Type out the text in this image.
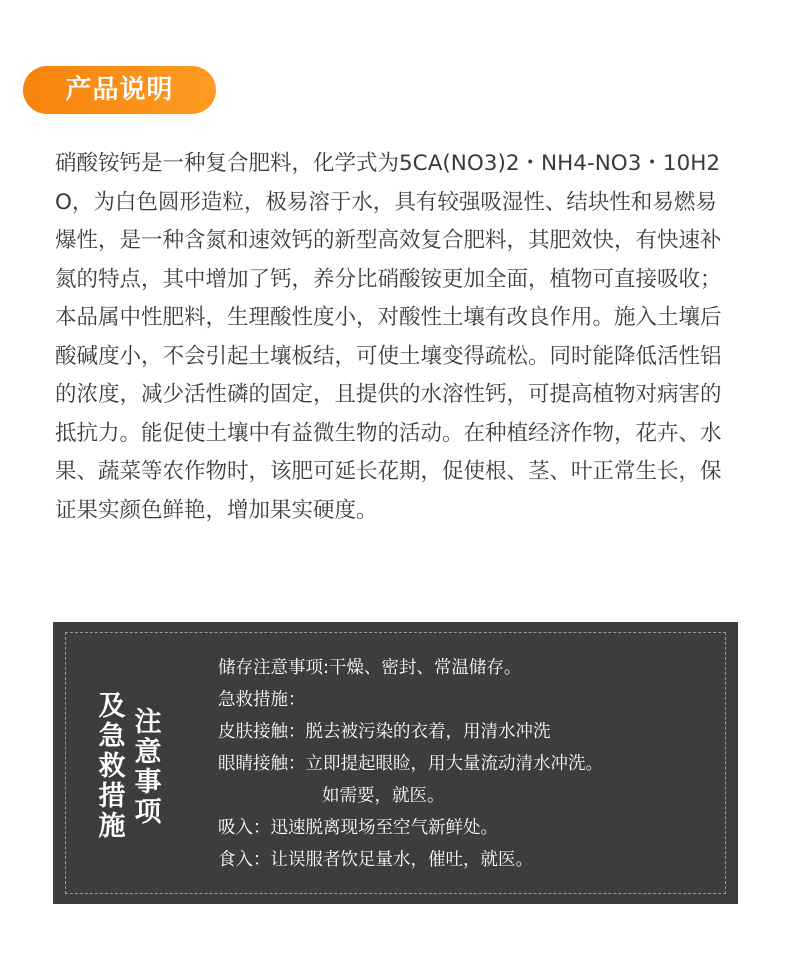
产品说明

硝酸铵钙是一种复合肥料，化学式为5CA(NO3)2・NH4-NO3・10H2O，为白色圆形造粒，极易溶于水，具有较强吸湿性、结块性和易燃易爆性，是一种含氮和速效钙的新型高效复合肥料，其肥效快，有快速补氮的特点，其中增加了钙，养分比硝酸铵更加全面，植物可直接吸收；本品属中性肥料，生理酸性度小，对酸性土壤有改良作用。施入土壤后酸碱度小，不会引起土壤板结，可使土壤变得疏松。同时能降低活性铝的浓度，减少活性磷的固定，且提供的水溶性钙，可提高植物对病害的抵抗力。能促使土壤中有益微生物的活动。在种植经济作物，花卉、水果、蔬菜等农作物时，该肥可延长花期，促使根、茎、叶正常生长，保证果实颜色鲜艳，增加果实硬度。

注意事项
及急救措施
储存注意事项:干燥、密封、常温储存。
急救措施：
皮肤接触：脱去被污染的衣着，用清水冲洗
眼睛接触：立即提起眼睑，用大量流动清水冲洗。
如需要，就医。
吸入：迅速脱离现场至空气新鲜处。
食入：让误服者饮足量水，催吐，就医。
